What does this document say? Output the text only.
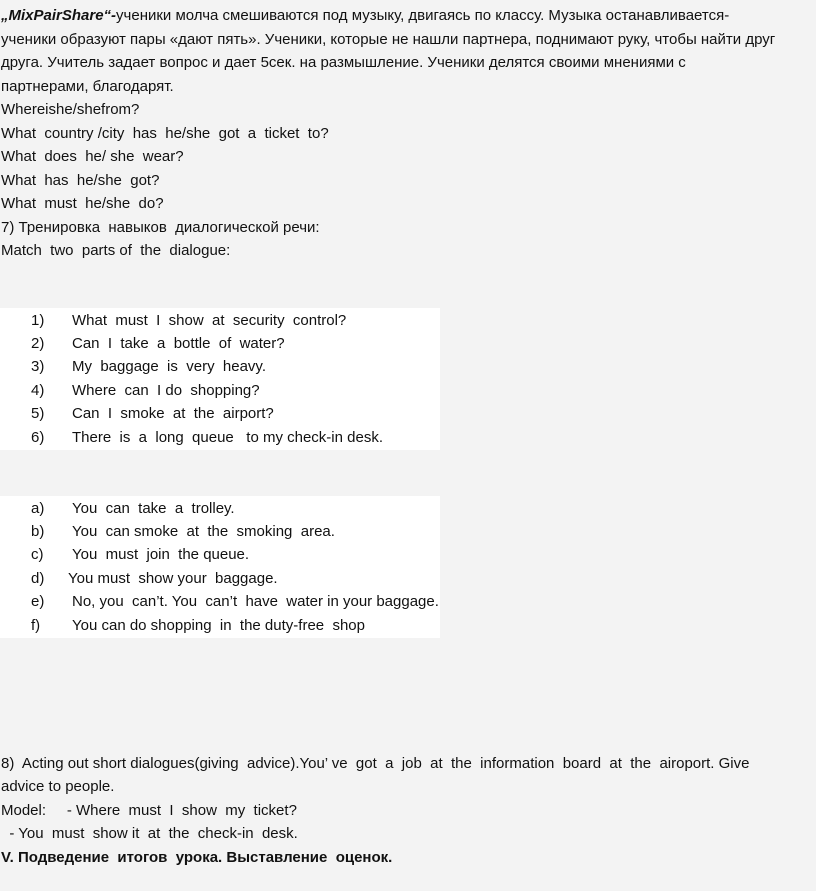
„MixPairShare“-ученики молча смешиваются под музыку, двигаясь по классу. Музыка останавливается-
ученики образуют пары «дают пять». Ученики, которые не нашли партнера, поднимают руку, чтобы найти друг
друга. Учитель задает вопрос и дает 5сек. на размышление. Ученики делятся своими мнениями с
партнерами, благодарят.
Whereishe/shefrom?
What  country /city  has  he/she  got  a  ticket  to?
What  does  he/ she  wear?
What  has  he/she  got?
What  must  he/she  do?
7) Тренировка  навыков  диалогической речи:
Match  two  parts of  the  dialogue:
1) What  must  I  show  at  security  control?
2) Can  I  take  a  bottle  of  water?
3) My  baggage  is  very  heavy.
4) Where  can  I do  shopping?
5) Can  I  smoke  at  the  airport?
6) There  is  a  long  queue   to my check-in desk.
a) You  can  take  a  trolley.
b) You  can smoke  at  the  smoking  area.
c) You  must  join  the queue.
d) You must  show your  baggage.
e) No, you  can’t. You  can’t  have  water in your baggage.
f) You can do shopping  in  the duty-free  shop
8)  Acting out short dialogues(giving  advice).You’ ve  got  a  job  at  the  information  board  at  the  airoport. Give
advice to people.
Model:     - Where  must  I  show  my  ticket?
- You  must  show it  at  the  check-in  desk.
V. Подведение  итогов  урока. Выставление  оценок.
